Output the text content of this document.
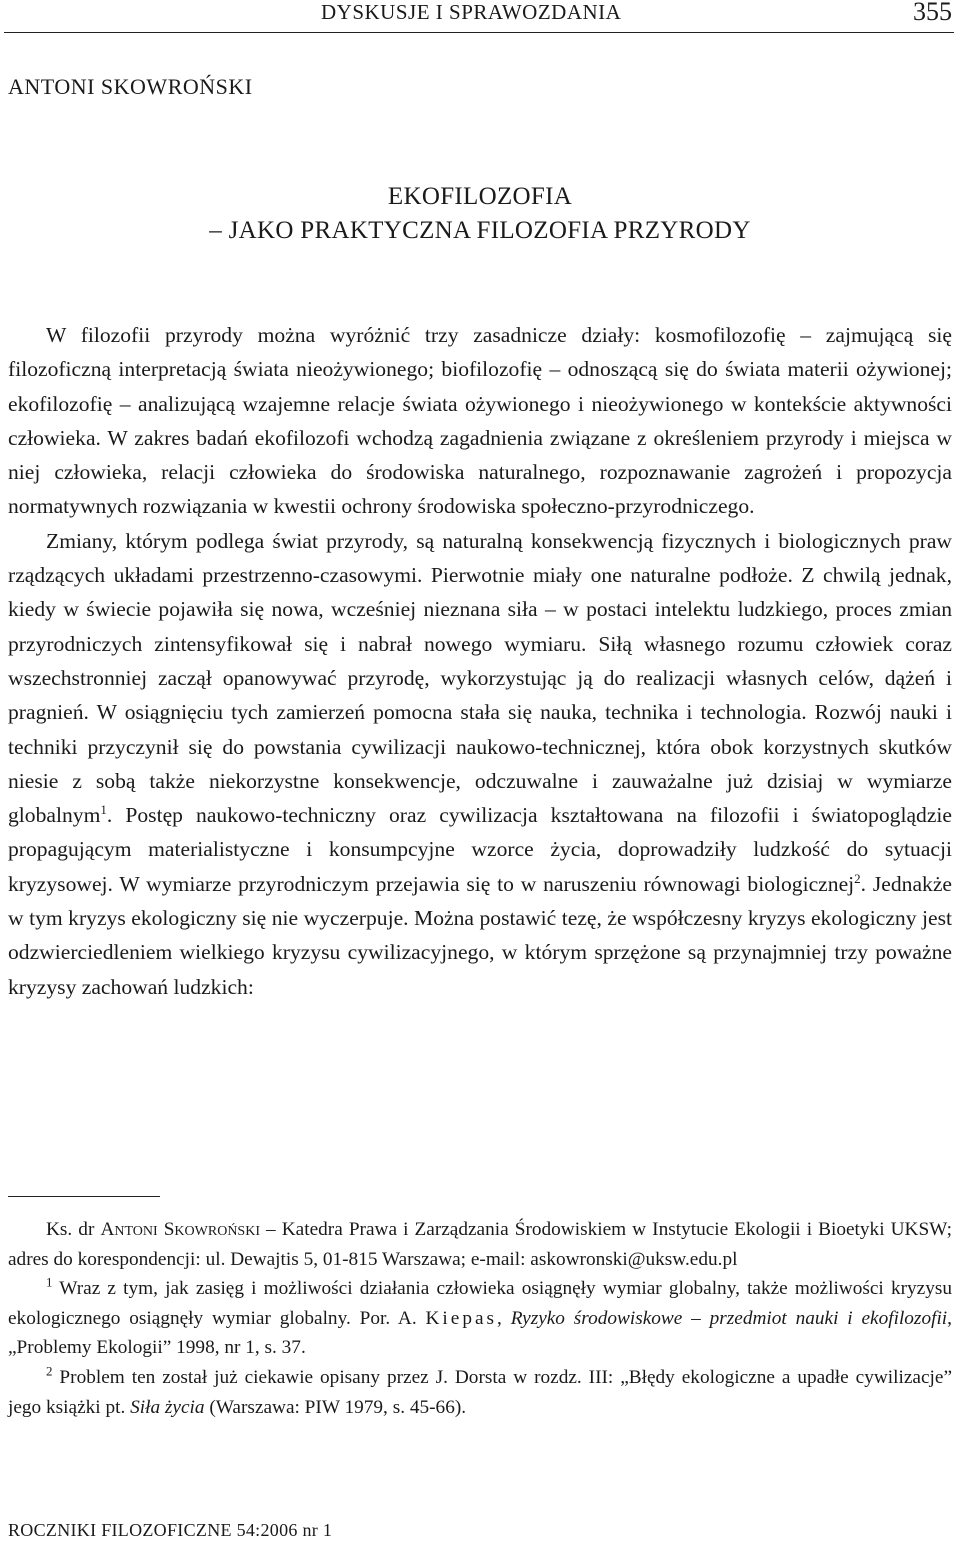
DYSKUSJE I SPRAWOZDANIA	355
ANTONI SKOWROŃSKI
EKOFILOZOFIA
– JAKO PRAKTYCZNA FILOZOFIA PRZYRODY

W filozofii przyrody można wyróżnić trzy zasadnicze działy: kosmofilozofię – zajmującą się filozoficzną interpretacją świata nieożywionego; biofilozofię – odnoszącą się do świata materii ożywionej; ekofilozofię – analizującą wzajemne relacje świata ożywionego i nieożywionego w kontekście aktywności człowieka. W zakres badań ekofilozofi wchodzą zagadnienia związane z określeniem przyrody i miejsca w niej człowieka, relacji człowieka do środowiska naturalnego, rozpoznawanie zagrożeń i propozycja normatywnych rozwiązania w kwestii ochrony środowiska społeczno-przyrodniczego.

Zmiany, którym podlega świat przyrody, są naturalną konsekwencją fizycznych i biologicznych praw rządzących układami przestrzenno-czasowymi. Pierwotnie miały one naturalne podłoże. Z chwilą jednak, kiedy w świecie pojawiła się nowa, wcześniej nieznana siła – w postaci intelektu ludzkiego, proces zmian przyrodniczych zintensyfikował się i nabrał nowego wymiaru. Siłą własnego rozumu człowiek coraz wszechstronniej zaczął opanowywać przyrodę, wykorzystując ją do realizacji własnych celów, dążeń i pragnień. W osiągnięciu tych zamierzeń pomocna stała się nauka, technika i technologia. Rozwój nauki i techniki przyczynił się do powstania cywilizacji naukowo-technicznej, która obok korzystnych skutków niesie z sobą także niekorzystne konsekwencje, odczuwalne i zauważalne już dzisiaj w wymiarze globalnym$^1$. Postęp naukowo-techniczny oraz cywilizacja kształtowana na filozofii i światopoglądzie propagującym materialistyczne i konsumpcyjne wzorce życia, doprowadziły ludzkość do sytuacji kryzysowej. W wymiarze przyrodniczym przejawia się to w naruszeniu równowagi biologicznej$^2$. Jednakże w tym kryzys ekologiczny się nie wyczerpuje. Można postawić tezę, że współczesny kryzys ekologiczny jest odzwierciedleniem wielkiego kryzysu cywilizacyjnego, w którym sprzężone są przynajmniej trzy poważne kryzysy zachowań ludzkich:

Ks. dr Antoni Skowroński – Katedra Prawa i Zarządzania Środowiskiem w Instytucie Ekologii i Bioetyki UKSW; adres do korespondencji: ul. Dewajtis 5, 01-815 Warszawa; e-mail: askowronski@uksw.edu.pl

$^1$ Wraz z tym, jak zasięg i możliwości działania człowieka osiągnęły wymiar globalny, także możliwości kryzysu ekologicznego osiągnęły wymiar globalny. Por. A. Kiepas, Ryzyko środowiskowe – przedmiot nauki i ekofilozofii, „Problemy Ekologii” 1998, nr 1, s. 37.

$^2$ Problem ten został już ciekawie opisany przez J. Dorsta w rozdz. III: „Błędy ekologiczne a upadłe cywilizacje” jego książki pt. Siła życia (Warszawa: PIW 1979, s. 45-66).

ROCZNIKI FILOZOFICZNE 54:2006 nr 1
